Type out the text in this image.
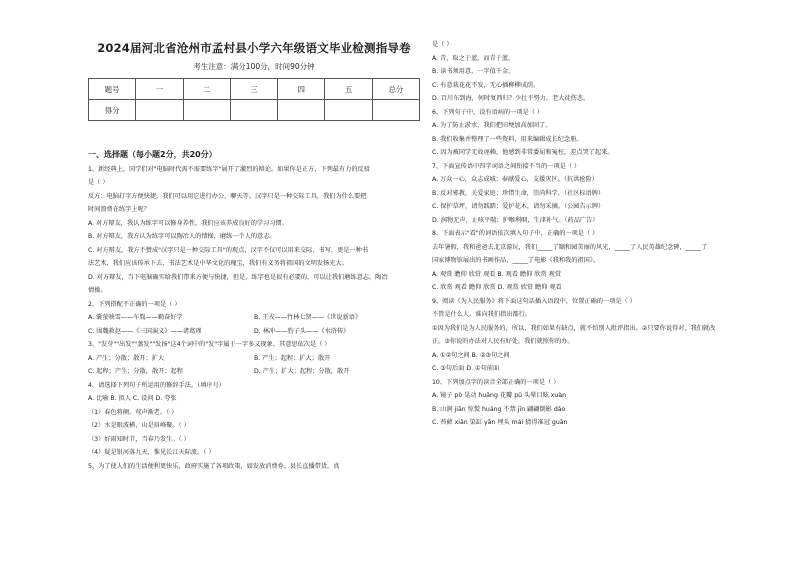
2024届河北省沧州市孟村县小学六年级语文毕业检测指导卷
考生注意：满分100分，时间90分钟
题号	一	二	三	四	五	总分
得分						
一、选择题（每小题2分，共20分）

1、新经典上，同学们对"电脑时代需不需要练字"展开了激烈的辩论。如果你是正方，下列最有力的反驳

是（ ）

反方：电脑打字方便快捷，我们可以用它进行办公、聊天等。汉字只是一种交际工具，我们为什么要把

时间浪费在练字上呢？

A. 对方辩友，我认为练字可以修身养性，我们应该养成良好的学习习惯。

B. 对方辩友，我方认为练字可以陶冶人的情操，磨练一个人的意志。

C. 对方辩友，我方不赞成"汉字只是一种交际工具"的观点，汉字不仅可以用来交际、书写，更是一种书

法艺术，我们应该传承下去，书法艺术是中华文化的瑰宝，我们有义务将祖国的文明发扬光大。

D. 对方辩友，当下电脑确实给我们带来方便与快捷，但是，练字也是很有必要的，可以让我们磨练意志，陶冶

情操。

2、下列搭配不正确的一项是（ ）

A. 囊萤映雪——车胤——勤奋好学	B. 王戎——竹林七贤——《世说新语》
C. 围魏救赵——《三国演义》——诸葛瑾	D. 林冲——豹子头——《水浒传》

3、"发芽""出发""蒸发""发扬"这4个词中的"发"字属于一字多义现象，其意思依次是（ ）

A. 产生；分散；散开；扩大	B. 产生；起程；扩大；散开
C. 起程；产生；分散，散开；起程	D. 产生；扩大；起程；分散，散开

4、请选择下列句子所运用的修辞手法。（填序号）

A. 比喻 B. 拟人 C. 设问 D. 夸张

（1）春色将阑，莺声渐老。（ ）

（2）水是眼波横，山是眉峰聚。（ ）

（3）好雨知时节，当春乃发生。（ ）

（4）疑是银河落九天，惟见长江天际流。（ ）

5、为了使人们的生活便利更快乐，政府实施了各项政策，如发放消费券、县长直播带货，真

是（ ）

A. 青，取之于蓝，而青于蓝。

B. 读书须用意，一字值千金。

C. 有意栽花花不发，无心插柳柳成荫。

D. 百川东到海，何时复西归？少壮不努力，老大徒伤悲。

6、下列句子中，没有语病的一项是（ ）

A. 为了防止淤水，我们把田埂加高加固了。

B. 我们收集并整理了一些资料，用来编辑成长纪念册。

C. 因为被同学无故诬赖，他感到非常委屈和冤枉，差点哭了起来。

7、下面宣传语中四字词语之间衔接不当的一项是（ ）

A. 万众一心，众志成城；奉献爱心，支援灾区。（抗洪抢险）

B. 反对邪教，关爱家庭；珍惜生命，崇尚科学。（社区标语牌）

C. 保护草坪，请勿践踏；爱护花木，请勿采摘。（公园告示牌）

D. 润物无声，止咳平喘；护喉利咽，生津补气。（药品广告）

8、下面表示"看"的词语依次填入句子中，正确的一项是（ ）

去年暑假，我和爸爸去北京游玩，我们_____了颐和园美丽的风光，_____了人民英雄纪念碑，_____了

国家博物馆展出的书画作品，_____了电影《我和我的祖国》。

A. 观赏 瞻仰 欣赏 观看 B. 观看 瞻仰 欣赏 观赏

C. 欣赏 观看 瞻仰 欣赏 D. 观赏 欣赏 瞻仰 观看

9、阅读《为人民服务》将下面这句话插入语段中，位置正确的一项是（ ）

不管是什么人，谁向我们指出都行。

①因为我们是为人民服务的，所以，我们如果有缺点，就不怕别人批评指出。②只要你说得对，我们就改

正。③你说的办法对人民有好处，我们就照你的办。

A. ①②句之间 B. ②③句之间

C. ③句后面 D. ①句前面

10、下列加点字的读音全部正确的一项是（ ）

A. 镜子 pò 晃动 huǎng 花瓣 pǔ 头晕目眩 xuàn

B. 山涧 jiān 惊慌 huáng 不禁 jīn 翩翩倒影 dào

C. 苔藓 xiān 染缸 yǎn 埋头 mái 猜得准冠 guān
